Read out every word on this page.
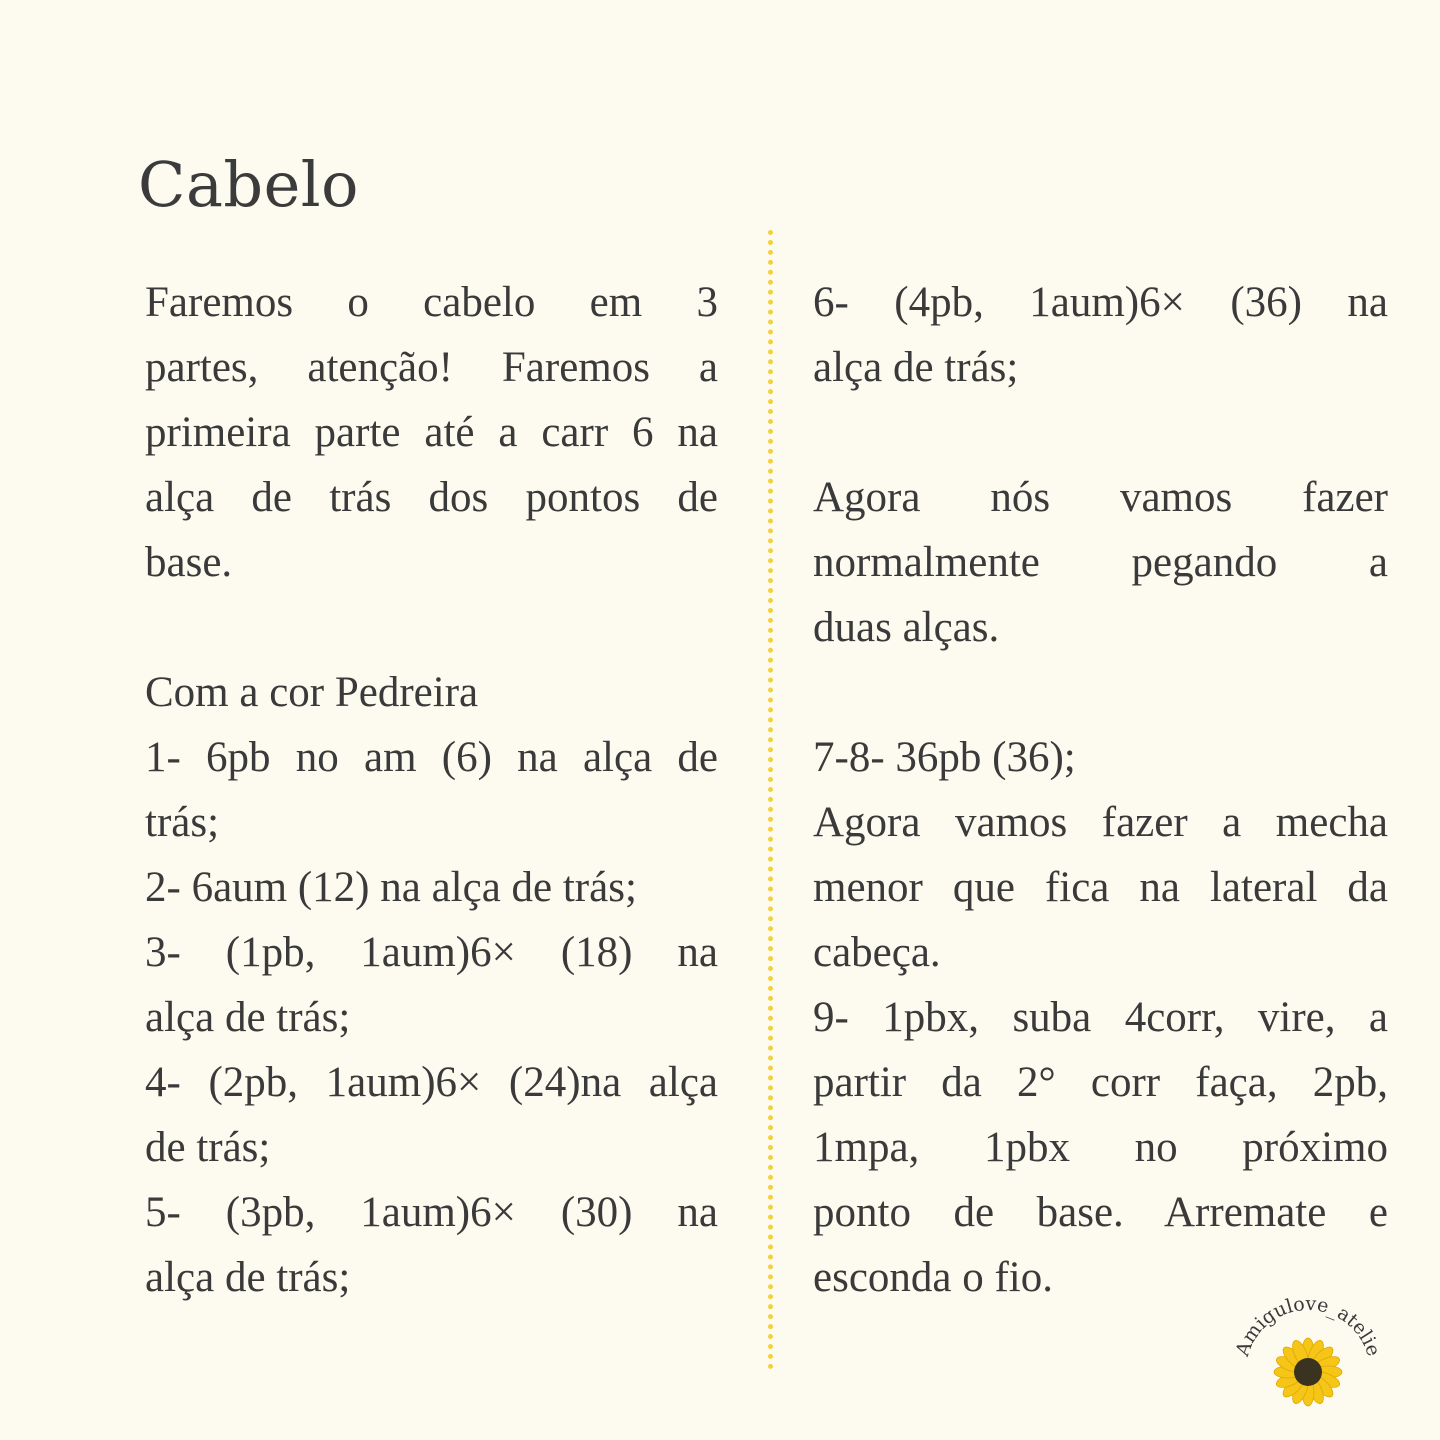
Cabelo

Faremos o cabelo em 3
partes, atenção! Faremos a
primeira parte até a carr 6 na
alça de trás dos pontos de
base.

Com a cor Pedreira
1- 6pb no am (6) na alça de
trás;
2- 6aum (12) na alça de trás;
3- (1pb, 1aum)6× (18) na
alça de trás;
4- (2pb, 1aum)6× (24)na alça
de trás;
5- (3pb, 1aum)6× (30) na
alça de trás;
6- (4pb, 1aum)6× (36) na
alça de trás;
Agora nós vamos fazer
normalmente pegando a
duas alças.
7-8- 36pb (36);
Agora vamos fazer a mecha
menor que fica na lateral da
cabeça.
9- 1pbx, suba 4corr, vire, a
partir da 2° corr faça, 2pb,
1mpa, 1pbx no próximo
ponto de base. Arremate e
esconda o fio.
Amigulove_atelie
